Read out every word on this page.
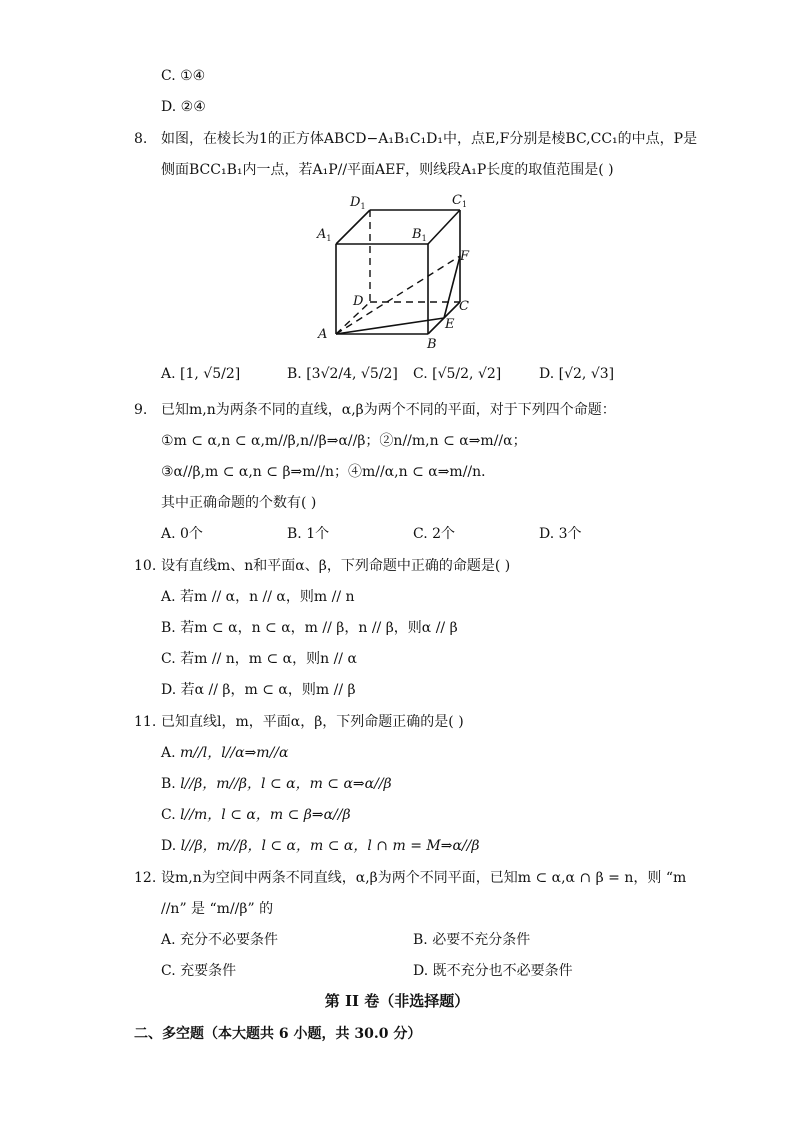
C. ①④
D. ②④
8. 如图，在棱长为1的正方体ABCD−A₁B₁C₁D₁中，点E,F分别是棱BC,CC₁的中点，P是
侧面BCC₁B₁内一点，若A₁P//平面AEF，则线段A₁P长度的取值范围是( )
$D_1$	$C_1$
$A_1$	$B_1$
F
D	C
E
A
B
A. [1, √5/2]	B. [3√2/4, √5/2] C. [√5/2, √2]	D. [√2, √3]
9. 已知m,n为两条不同的直线，α,β为两个不同的平面，对于下列四个命题：
①m ⊂ α,n ⊂ α,m//β,n//β⇒α//β；②n//m,n ⊂ α⇒m//α；
③α//β,m ⊂ α,n ⊂ β⇒m//n；④m//α,n ⊂ α⇒m//n．
其中正确命题的个数有( )
A. 0个	B. 1个	C. 2个	D. 3个
10. 设有直线m、n和平面α、β，下列命题中正确的命题是( )
A. 若m // α，n // α，则m // n
B. 若m ⊂ α，n ⊂ α，m // β，n // β，则α // β
C. 若m // n，m ⊂ α，则n // α
D. 若α // β，m ⊂ α，则m // β
11. 已知直线l，m，平面α，β，下列命题正确的是( )
A. m//l，l//α⇒m//α
B. l//β，m//β，l ⊂ α，m ⊂ α⇒α//β
C. l//m，l ⊂ α，m ⊂ β⇒α//β
D. l//β，m//β，l ⊂ α，m ⊂ α，l ∩ m = M⇒α//β
12. 设m,n为空间中两条不同直线，α,β为两个不同平面，已知m ⊂ α,α ∩ β = n，则 “m
//n” 是 “m//β” 的
A. 充分不必要条件	B. 必要不充分条件
C. 充要条件	D. 既不充分也不必要条件
第 II 卷（非选择题）
二、多空题（本大题共 6 小题，共 30.0 分）
